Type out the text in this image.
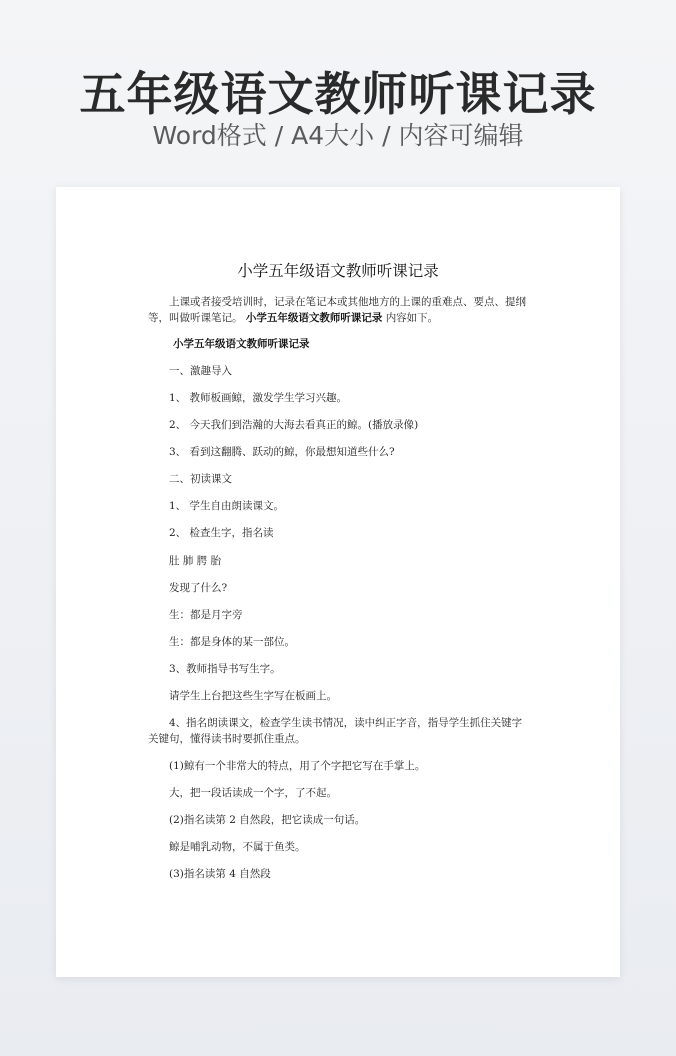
五年级语文教师听课记录
Word格式 / A4大小 / 内容可编辑
小学五年级语文教师听课记录
上课或者接受培训时，记录在笔记本或其他地方的上课的重难点、要点、提纲等，叫做听课笔记。 小学五年级语文教师听课记录 内容如下。
小学五年级语文教师听课记录
一、激趣导入
1、 教师板画鲸，激发学生学习兴趣。
2、 今天我们到浩瀚的大海去看真正的鲸。(播放录像)
3、 看到这翻腾、跃动的鲸，你最想知道些什么?
二、初读课文
1、 学生自由朗读课文。
2、 检查生字，指名读
肚 肺 腭 胎
发现了什么?
生：都是月字旁
生：都是身体的某一部位。
3、教师指导书写生字。
请学生上台把这些生字写在板画上。
4、指名朗读课文，检查学生读书情况，读中纠正字音，指导学生抓住关键字关键句，懂得读书时要抓住重点。
(1)鲸有一个非常大的特点，用了个字把它写在手掌上。
大，把一段话读成一个字，了不起。
(2)指名读第 2 自然段，把它读成一句话。
鲸是哺乳动物，不属于鱼类。
(3)指名读第 4 自然段
